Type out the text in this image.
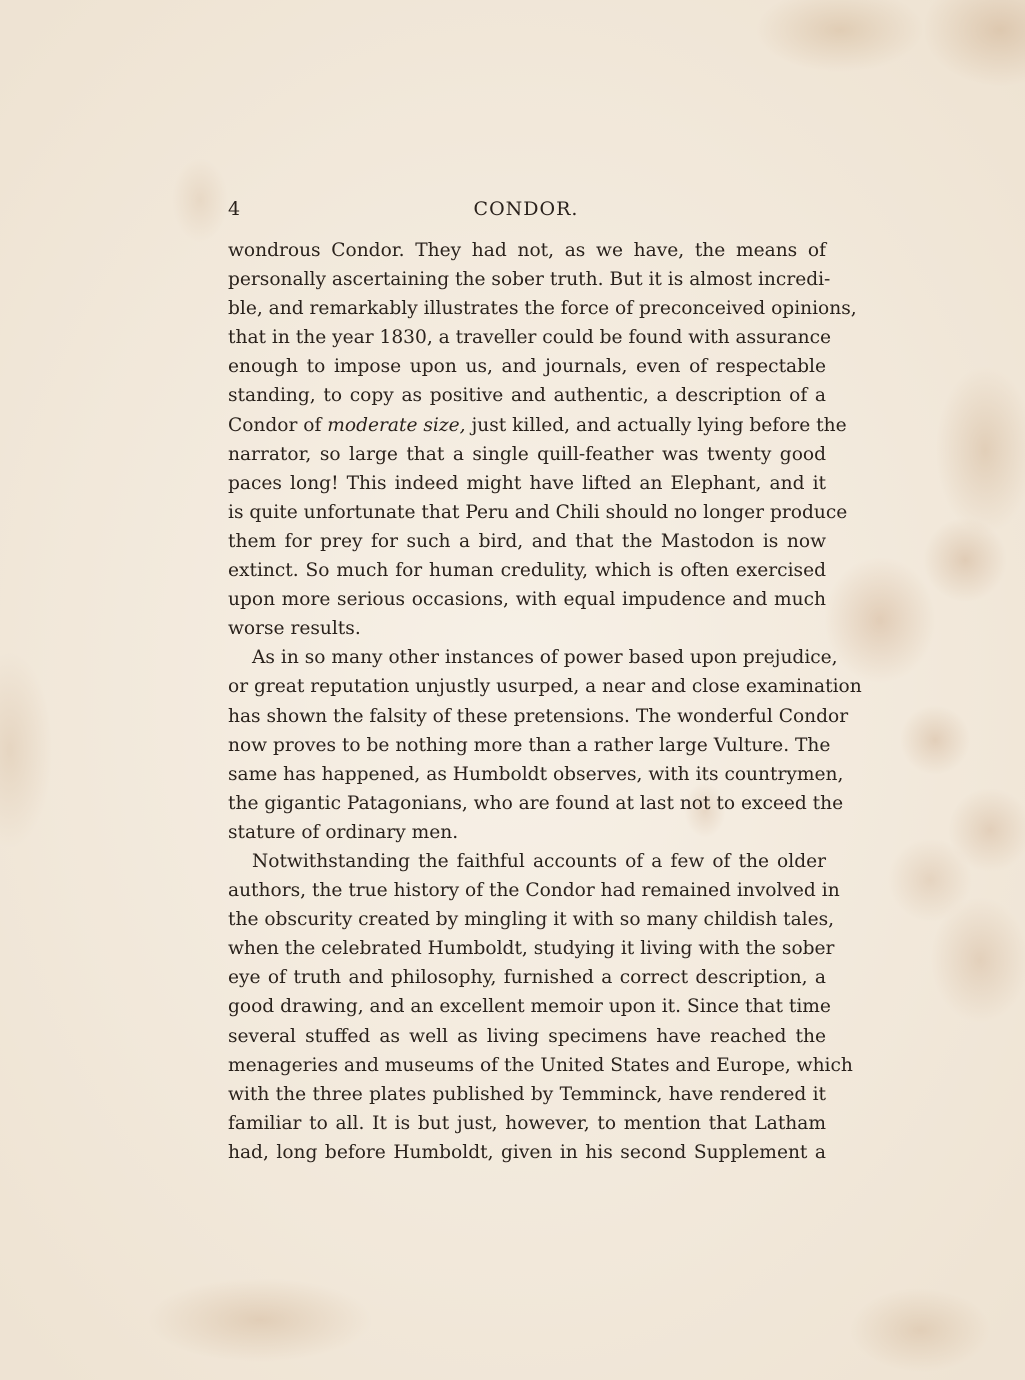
4	CONDOR.
wondrous Condor. They had not, as we have, the means of
personally ascertaining the sober truth. But it is almost incredi-
ble, and remarkably illustrates the force of preconceived opinions,
that in the year 1830, a traveller could be found with assurance
enough to impose upon us, and journals, even of respectable
standing, to copy as positive and authentic, a description of a
Condor of moderate size, just killed, and actually lying before the
narrator, so large that a single quill-feather was twenty good
paces long! This indeed might have lifted an Elephant, and it
is quite unfortunate that Peru and Chili should no longer produce
them for prey for such a bird, and that the Mastodon is now
extinct. So much for human credulity, which is often exercised
upon more serious occasions, with equal impudence and much
worse results.
As in so many other instances of power based upon prejudice,
or great reputation unjustly usurped, a near and close examination
has shown the falsity of these pretensions. The wonderful Condor
now proves to be nothing more than a rather large Vulture. The
same has happened, as Humboldt observes, with its countrymen,
the gigantic Patagonians, who are found at last not to exceed the
stature of ordinary men.
Notwithstanding the faithful accounts of a few of the older
authors, the true history of the Condor had remained involved in
the obscurity created by mingling it with so many childish tales,
when the celebrated Humboldt, studying it living with the sober
eye of truth and philosophy, furnished a correct description, a
good drawing, and an excellent memoir upon it. Since that time
several stuffed as well as living specimens have reached the
menageries and museums of the United States and Europe, which
with the three plates published by Temminck, have rendered it
familiar to all. It is but just, however, to mention that Latham
had, long before Humboldt, given in his second Supplement a
